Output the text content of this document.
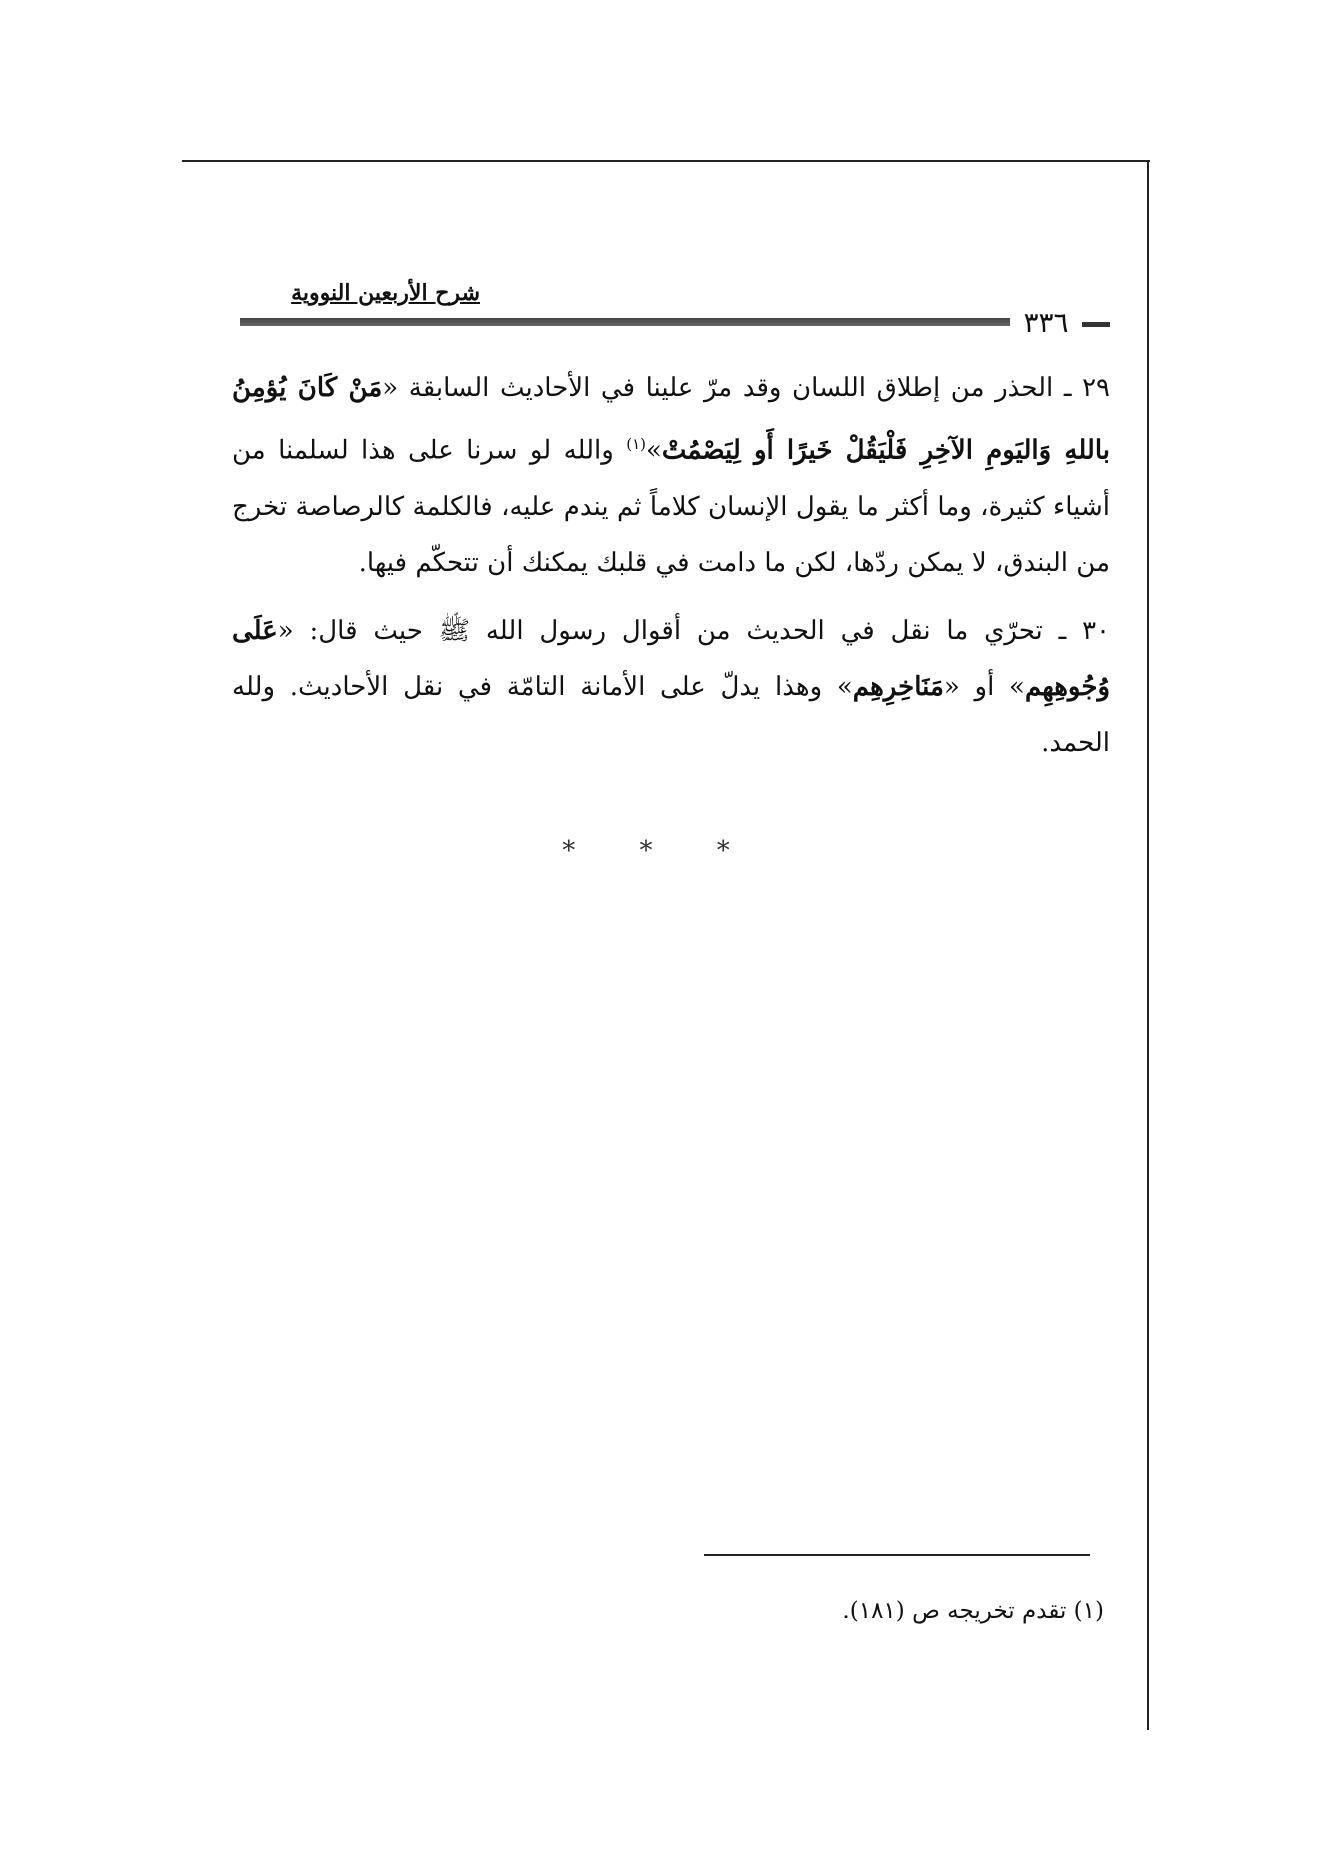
شرح الأربعين النووية
٣٣٦

٢٩ ـ الحذر من إطلاق اللسان وقد مرّ علينا في الأحاديث السابقة «مَنْ كَانَ يُؤمِنُ باللهِ وَاليَومِ الآخِرِ فَلْيَقُلْ خَيرًا أَو لِيَصْمُتْ»$^{(١)}$ والله لو سرنا على هذا لسلمنا من أشياء كثيرة، وما أكثر ما يقول الإنسان كلاماً ثم يندم عليه، فالكلمة كالرصاصة تخرج من البندق، لا يمكن ردّها، لكن ما دامت في قلبك يمكنك أن تتحكّم فيها.

٣٠ ـ تحرّي ما نقل في الحديث من أقوال رسول الله ﷺ حيث قال: «عَلَى وُجُوهِهِم» أو «مَنَاخِرِهِم» وهذا يدلّ على الأمانة التامّة في نقل الأحاديث. ولله الحمد.

* * *
(١) تقدم تخريجه ص (١٨١).
